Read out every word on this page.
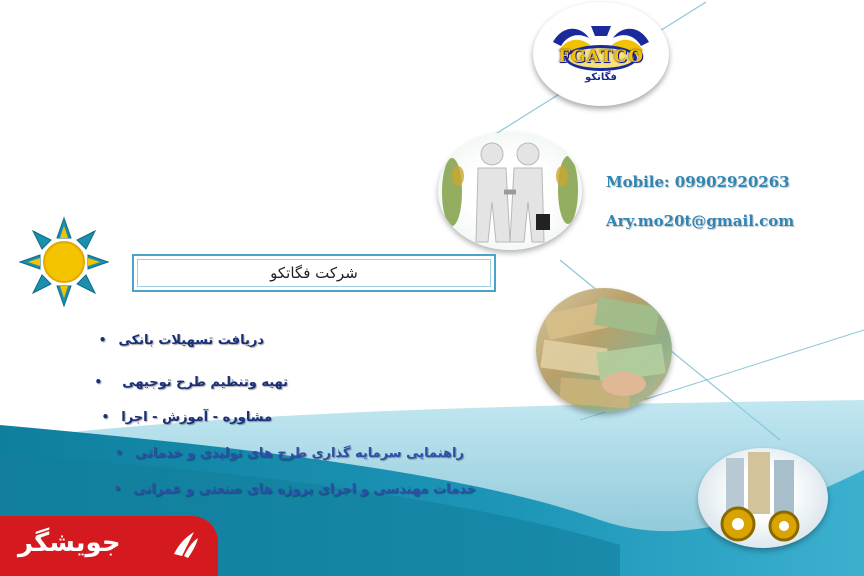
FGATCO
فگاتکو
Mobile: 09902920263
Ary.mo20t@gmail.com
شرکت فگاتکو
دریافت تسهیلات بانکی•
تهیه وتنظیم طرح توجیهی•
مشاوره - آموزش - اجرا•
راهنمایی سرمایه گذاری طرح های تولیدی و خدماتی•
خدمات مهندسی و اجرای پروژه های صنعتی و عمرانی•
جویشگر
